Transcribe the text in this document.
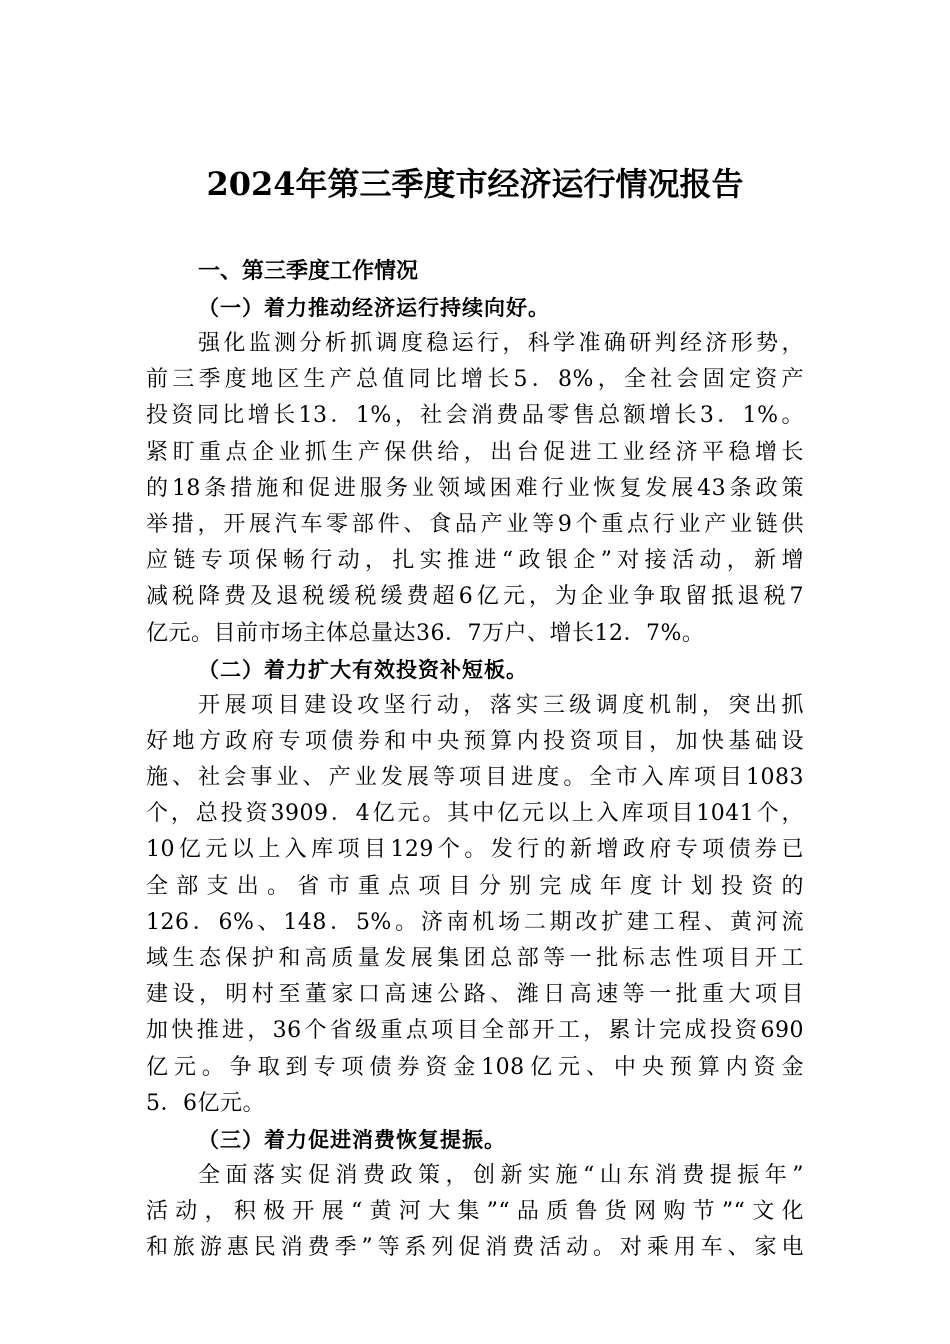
2024年第三季度市经济运行情况报告
一、第三季度工作情况
（一）着力推动经济运行持续向好。
强化监测分析抓调度稳运行，科学准确研判经济形势，
前三季度地区生产总值同比增长5．8%，全社会固定资产
投资同比增长13．1%，社会消费品零售总额增长3．1%。
紧盯重点企业抓生产保供给，出台促进工业经济平稳增长
的18条措施和促进服务业领域困难行业恢复发展43条政策
举措，开展汽车零部件、食品产业等9个重点行业产业链供
应链专项保畅行动，扎实推进“政银企”对接活动，新增
减税降费及退税缓税缓费超6亿元，为企业争取留抵退税7
亿元。目前市场主体总量达36．7万户、增长12．7%。
（二）着力扩大有效投资补短板。
开展项目建设攻坚行动，落实三级调度机制，突出抓
好地方政府专项债券和中央预算内投资项目，加快基础设
施、社会事业、产业发展等项目进度。全市入库项目1083
个，总投资3909．4亿元。其中亿元以上入库项目1041个，
10亿元以上入库项目129个。发行的新增政府专项债券已
全部支出。省市重点项目分别完成年度计划投资的
126．6%、148．5%。济南机场二期改扩建工程、黄河流
域生态保护和高质量发展集团总部等一批标志性项目开工
建设，明村至董家口高速公路、潍日高速等一批重大项目
加快推进，36个省级重点项目全部开工，累计完成投资690
亿元。争取到专项债券资金108亿元、中央预算内资金
5．6亿元。
（三）着力促进消费恢复提振。
全面落实促消费政策，创新实施“山东消费提振年”
活动，积极开展“黄河大集”“品质鲁货网购节”“文化
和旅游惠民消费季”等系列促消费活动。对乘用车、家电
